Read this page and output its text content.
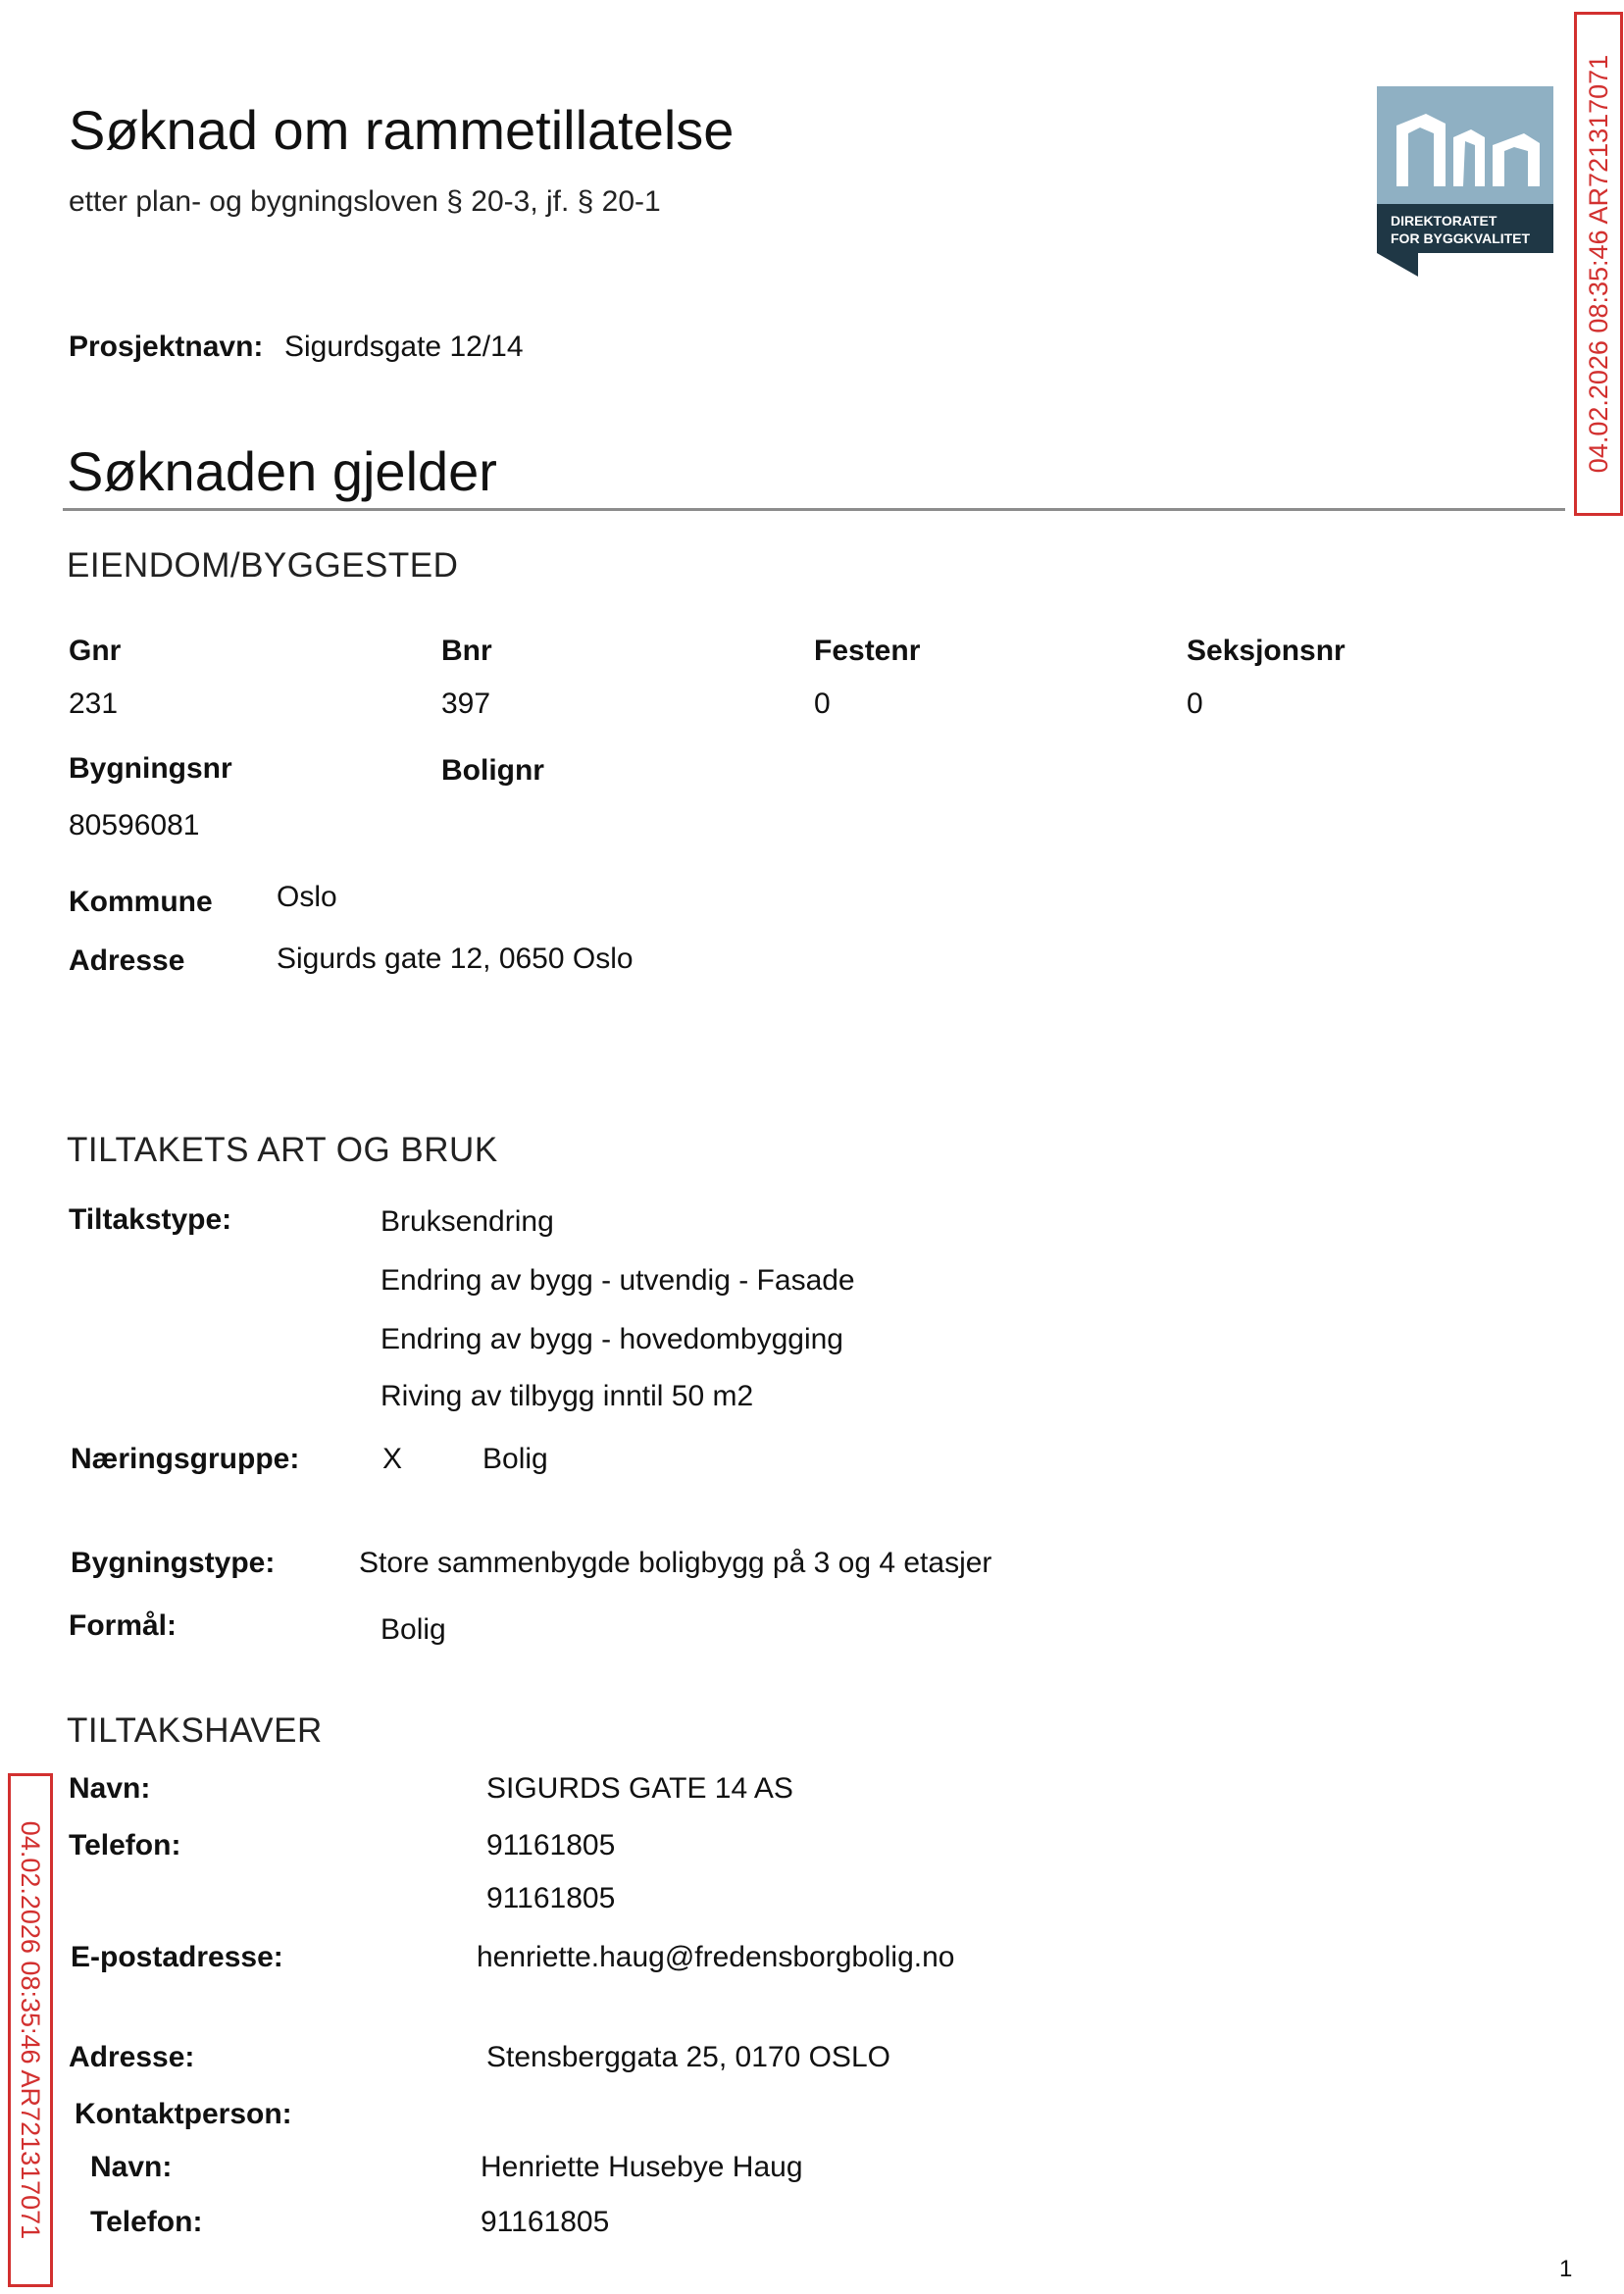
Søknad om rammetillatelse
etter plan- og bygningsloven § 20-3, jf. § 20-1
DIREKTORATET
FOR BYGGKVALITET 04.02.2026 08:35:46 AR721317071
04.02.2026 08:35:46 AR721317071
Prosjektnavn: Sigurdsgate 12/14
Søknaden gjelder
EIENDOM/BYGGESTED
Gnr	Bnr	Festenr	Seksjonsnr
231	397	0	0
Bygningsnr	Bolignr
80596081
Kommune Oslo
Adresse	Sigurds gate 12, 0650 Oslo
TILTAKETS ART OG BRUK
Tiltakstype:	Bruksendring
Endring av bygg - utvendig - Fasade
Endring av bygg - hovedombygging
Riving av tilbygg inntil 50 m2
Næringsgruppe:	X	Bolig
Bygningstype:	Store sammenbygde boligbygg på 3 og 4 etasjer
Formål:	Bolig
TILTAKSHAVER
Navn:	SIGURDS GATE 14 AS
Telefon:	91161805
91161805
E-postadresse:	henriette.haug@fredensborgbolig.no
Adresse:	Stensberggata 25, 0170 OSLO
Kontaktperson:
Navn:	Henriette Husebye Haug
Telefon:	91161805
1
